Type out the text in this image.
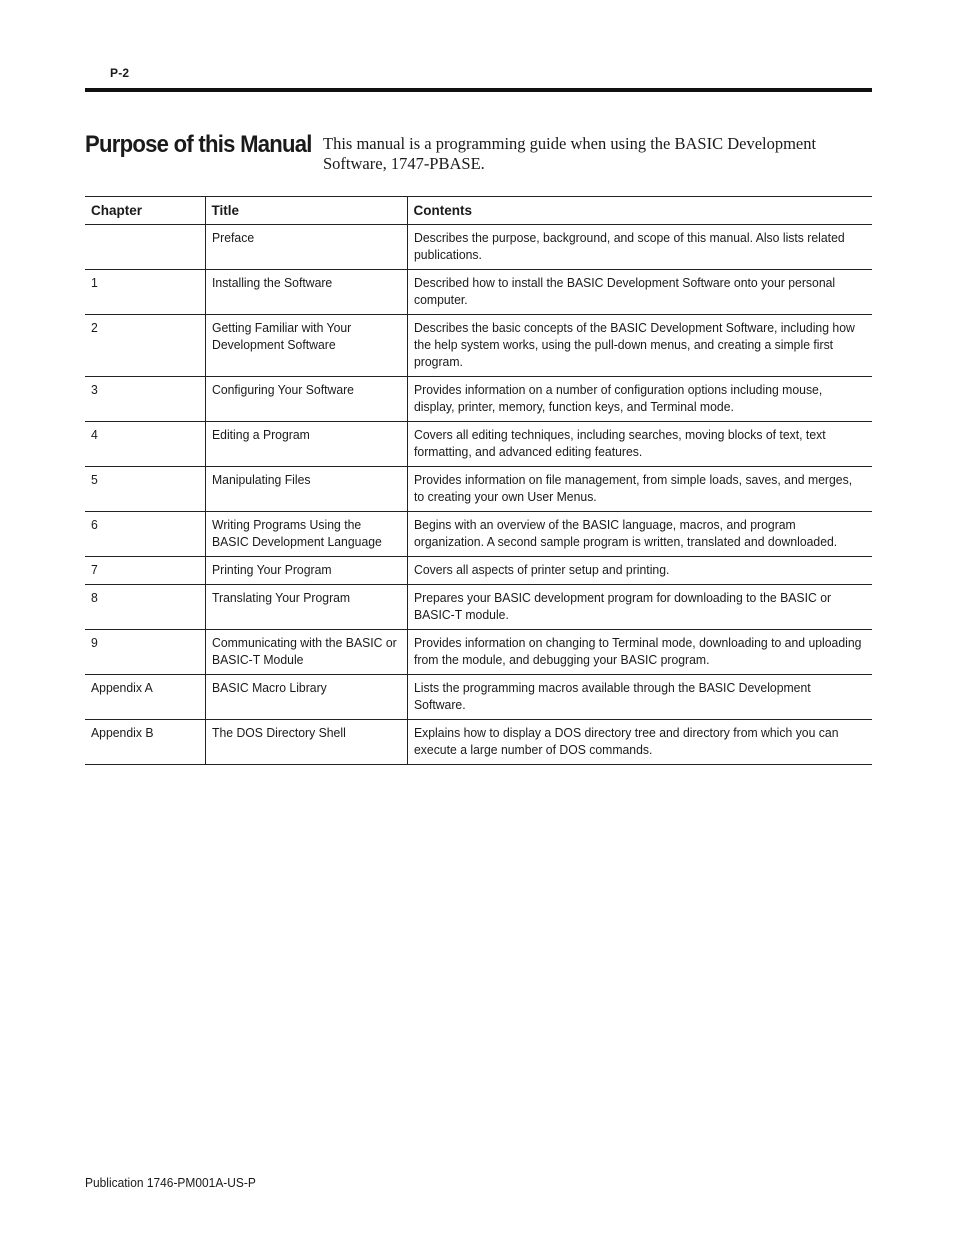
P-2
Purpose of this Manual This manual is a programming guide when using the BASIC Development Software, 1747-PBASE.

Chapter	Title	Contents

	Preface	Describes the purpose, background, and scope of this manual. Also lists related publications.

1	Installing the Software	Described how to install the BASIC Development Software onto your personal computer.

2	Getting Familiar with Your Development Software	Describes the basic concepts of the BASIC Development Software, including how the help system works, using the pull-down menus, and creating a simple first program.

3	Configuring Your Software	Provides information on a number of configuration options including mouse, display, printer, memory, function keys, and Terminal mode.

4	Editing a Program	Covers all editing techniques, including searches, moving blocks of text, text formatting, and advanced editing features.

5	Manipulating Files	Provides information on file management, from simple loads, saves, and merges, to creating your own User Menus.

6	Writing Programs Using the BASIC Development Language	Begins with an overview of the BASIC language, macros, and program organization. A second sample program is written, translated and downloaded.

7	Printing Your Program	Covers all aspects of printer setup and printing.

8	Translating Your Program	Prepares your BASIC development program for downloading to the BASIC or BASIC-T module.

9	Communicating with the BASIC or BASIC-T Module	Provides information on changing to Terminal mode, downloading to and uploading from the module, and debugging your BASIC program.

Appendix A	BASIC Macro Library	Lists the programming macros available through the BASIC Development Software.

Appendix B	The DOS Directory Shell	Explains how to display a DOS directory tree and directory from which you can execute a large number of DOS commands.
Publication 1746-PM001A-US-P
